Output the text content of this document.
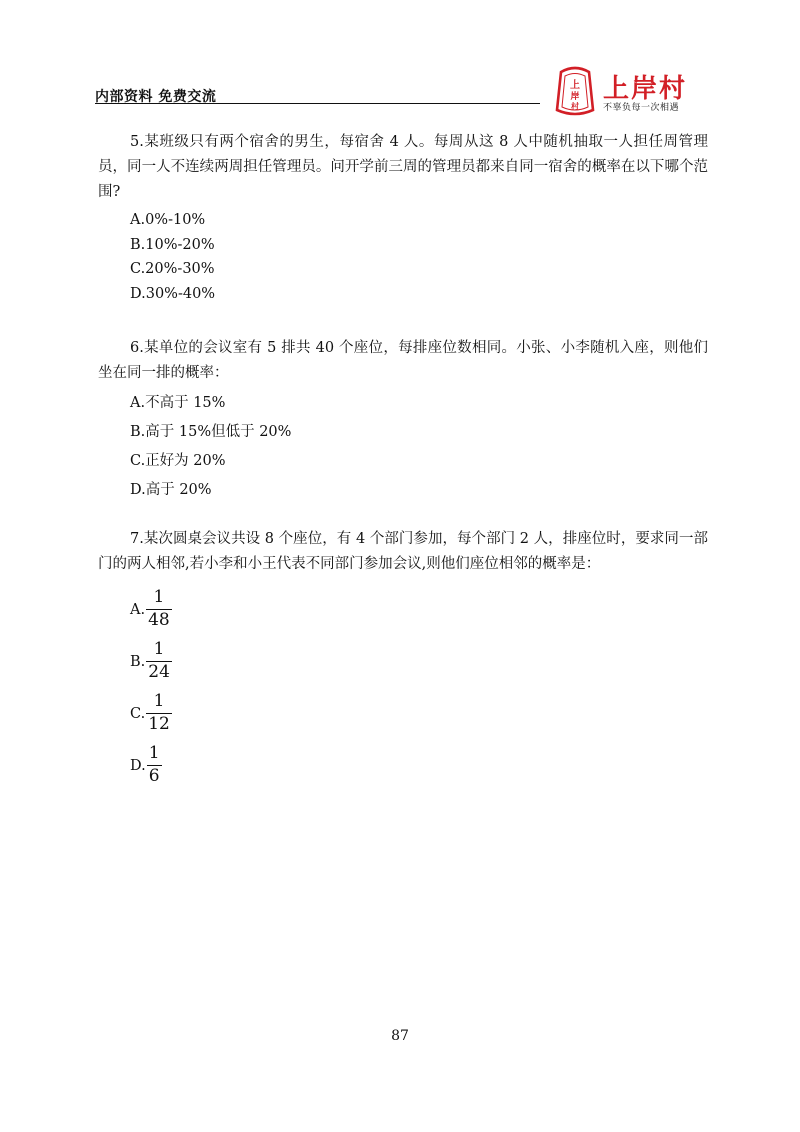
内部资料 免费交流
上
岸
村
上岸村
不辜负每一次相遇

5.某班级只有两个宿舍的男生，每宿舍 4 人。每周从这 8 人中随机抽取一人担任周管理员，同一人不连续两周担任管理员。问开学前三周的管理员都来自同一宿舍的概率在以下哪个范围?

A.0%-10%
B.10%-20%
C.20%-30%
D.30%-40%

6.某单位的会议室有 5 排共 40 个座位，每排座位数相同。小张、小李随机入座，则他们坐在同一排的概率：

A.不高于 15%
B.高于 15%但低于 20%
C.正好为 20%
D.高于 20%

7.某次圆桌会议共设 8 个座位，有 4 个部门参加，每个部门 2 人，排座位时，要求同一部门的两人相邻,若小李和小王代表不同部门参加会议,则他们座位相邻的概率是：

A. $\frac{1}{48}$
B. $\frac{1}{24}$
C. $\frac{1}{12}$
D. $\frac{1}{6}$
87
